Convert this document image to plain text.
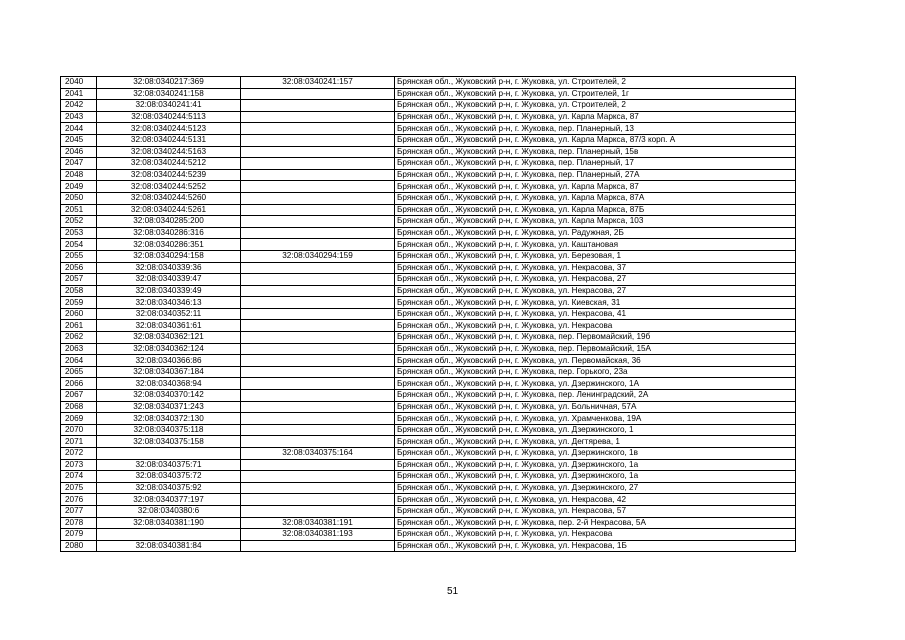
2040	32:08:0340217:369	32:08:0340241:157	Брянская обл., Жуковский р-н, г. Жуковка, ул. Строителей, 2
2041	32:08:0340241:158		Брянская обл., Жуковский р-н, г. Жуковка, ул. Строителей, 1г
2042	32:08:0340241:41		Брянская обл., Жуковский р-н, г. Жуковка, ул. Строителей, 2
2043	32:08:0340244:5113		Брянская обл., Жуковский р-н, г. Жуковка, ул. Карла Маркса, 87
2044	32:08:0340244:5123		Брянская обл., Жуковский р-н, г. Жуковка, пер. Планерный, 13
2045	32:08:0340244:5131		Брянская обл., Жуковский р-н, г. Жуковка, ул. Карла Маркса, 87/3 корп. А
2046	32:08:0340244:5163		Брянская обл., Жуковский р-н, г. Жуковка, пер. Планерный, 15в
2047	32:08:0340244:5212		Брянская обл., Жуковский р-н, г. Жуковка, пер. Планерный, 17
2048	32:08:0340244:5239		Брянская обл., Жуковский р-н, г. Жуковка, пер. Планерный, 27А
2049	32:08:0340244:5252		Брянская обл., Жуковский р-н, г. Жуковка, ул. Карла Маркса, 87
2050	32:08:0340244:5260		Брянская обл., Жуковский р-н, г. Жуковка, ул. Карла Маркса, 87А
2051	32:08:0340244:5261		Брянская обл., Жуковский р-н, г. Жуковка, ул. Карла Маркса, 87Б
2052	32:08:0340285:200		Брянская обл., Жуковский р-н, г. Жуковка, ул. Карла Маркса, 103
2053	32:08:0340286:316		Брянская обл., Жуковский р-н, г. Жуковка, ул. Радужная, 2Б
2054	32:08:0340286:351		Брянская обл., Жуковский р-н, г. Жуковка, ул. Каштановая
2055	32:08:0340294:158	32:08:0340294:159	Брянская обл., Жуковский р-н, г. Жуковка, ул. Березовая, 1
2056	32:08:0340339:36		Брянская обл., Жуковский р-н, г. Жуковка, ул. Некрасова, 37
2057	32:08:0340339:47		Брянская обл., Жуковский р-н, г. Жуковка, ул. Некрасова, 27
2058	32:08:0340339:49		Брянская обл., Жуковский р-н, г. Жуковка, ул. Некрасова, 27
2059	32:08:0340346:13		Брянская обл., Жуковский р-н, г. Жуковка, ул. Киевская, 31
2060	32:08:0340352:11		Брянская обл., Жуковский р-н, г. Жуковка, ул. Некрасова, 41
2061	32:08:0340361:61		Брянская обл., Жуковский р-н, г. Жуковка, ул. Некрасова
2062	32:08:0340362:121		Брянская обл., Жуковский р-н, г. Жуковка, пер. Первомайский, 19б
2063	32:08:0340362:124		Брянская обл., Жуковский р-н, г. Жуковка, пер. Первомайский, 15А
2064	32:08:0340366:86		Брянская обл., Жуковский р-н, г. Жуковка, ул. Первомайская, 36
2065	32:08:0340367:184		Брянская обл., Жуковский р-н, г. Жуковка, пер. Горького, 23а
2066	32:08:0340368:94		Брянская обл., Жуковский р-н, г. Жуковка, ул. Дзержинского, 1А
2067	32:08:0340370:142		Брянская обл., Жуковский р-н, г. Жуковка, пер. Ленинградский, 2А
2068	32:08:0340371:243		Брянская обл., Жуковский р-н, г. Жуковка, ул. Больничная, 57А
2069	32:08:0340372:130		Брянская обл., Жуковский р-н, г. Жуковка, ул. Храмченкова, 19А
2070	32:08:0340375:118		Брянская обл., Жуковский р-н, г. Жуковка, ул. Дзержинского, 1
2071	32:08:0340375:158		Брянская обл., Жуковский р-н, г. Жуковка, ул. Дегтярева, 1
2072		32:08:0340375:164	Брянская обл., Жуковский р-н, г. Жуковка, ул. Дзержинского, 1в
2073	32:08:0340375:71		Брянская обл., Жуковский р-н, г. Жуковка, ул. Дзержинского, 1а
2074	32:08:0340375:72		Брянская обл., Жуковский р-н, г. Жуковка, ул. Дзержинского, 1а
2075	32:08:0340375:92		Брянская обл., Жуковский р-н, г. Жуковка, ул. Дзержинского, 27
2076	32:08:0340377:197		Брянская обл., Жуковский р-н, г. Жуковка, ул. Некрасова, 42
2077	32:08:0340380:6		Брянская обл., Жуковский р-н, г. Жуковка, ул. Некрасова, 57
2078	32:08:0340381:190	32:08:0340381:191	Брянская обл., Жуковский р-н, г. Жуковка, пер. 2-й Некрасова, 5А
2079		32:08:0340381:193	Брянская обл., Жуковский р-н, г. Жуковка, ул. Некрасова
2080	32:08:0340381:84		Брянская обл., Жуковский р-н, г. Жуковка, ул. Некрасова, 1Б
51
